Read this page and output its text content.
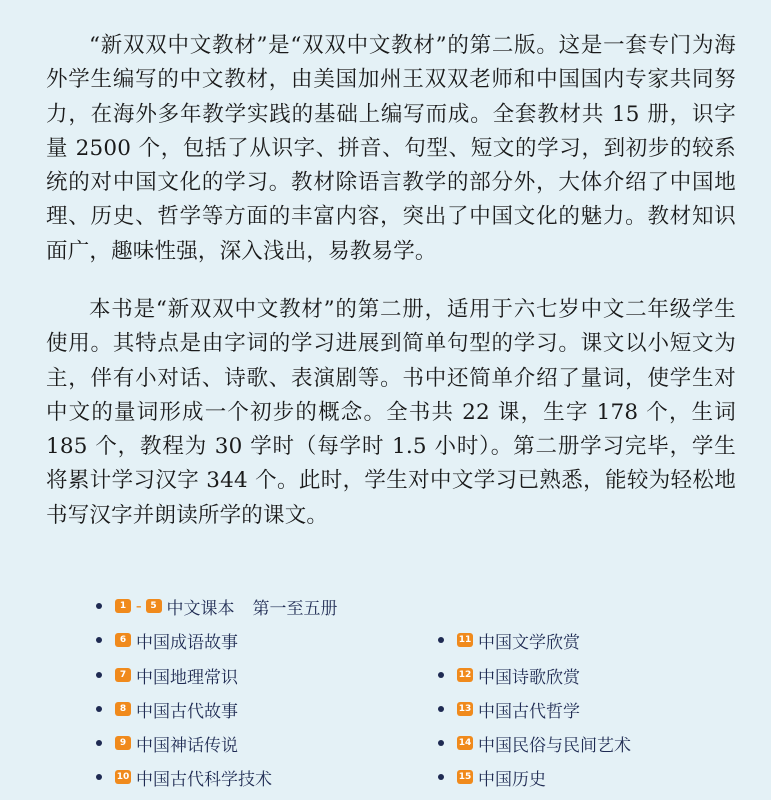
“新双双中文教材”是“双双中文教材”的第二版。这是一套专门为海外学生编写的中文教材，由美国加州王双双老师和中国国内专家共同努力，在海外多年教学实践的基础上编写而成。全套教材共 15 册，识字量 2500 个，包括了从识字、拼音、句型、短文的学习，到初步的较系统的对中国文化的学习。教材除语言教学的部分外，大体介绍了中国地理、历史、哲学等方面的丰富内容，突出了中国文化的魅力。教材知识面广，趣味性强，深入浅出，易教易学。

本书是“新双双中文教材”的第二册，适用于六七岁中文二年级学生使用。其特点是由字词的学习进展到简单句型的学习。课文以小短文为主，伴有小对话、诗歌、表演剧等。书中还简单介绍了量词，使学生对中文的量词形成一个初步的概念。全书共 22 课，生字 178 个，生词 185 个，教程为 30 学时（每学时 1.5 小时）。第二册学习完毕，学生将累计学习汉字 344 个。此时，学生对中文学习已熟悉，能较为轻松地书写汉字并朗读所学的课文。

1 – 5 中文课本 第一至五册
6 中国成语故事
7 中国地理常识
8 中国古代故事
9 中国神话传说
10 中国古代科学技术
11 中国文学欣赏
12 中国诗歌欣赏
13 中国古代哲学
14 中国民俗与民间艺术
15 中国历史
